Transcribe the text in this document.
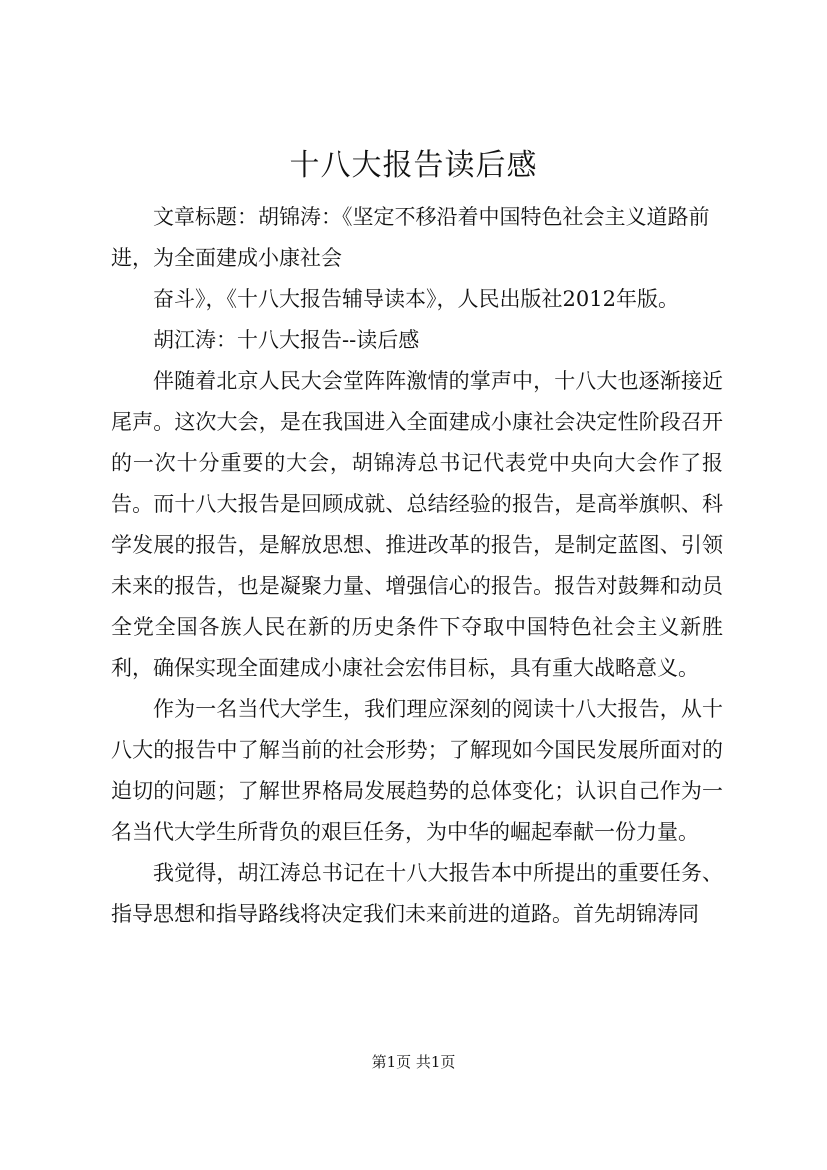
十八大报告读后感

文章标题：胡锦涛：《坚定不移沿着中国特色社会主义道路前进，为全面建成小康社会

奋斗》，《十八大报告辅导读本》，人民出版社2012年版。

胡江涛：十八大报告--读后感

伴随着北京人民大会堂阵阵激情的掌声中，十八大也逐渐接近尾声。这次大会，是在我国进入全面建成小康社会决定性阶段召开的一次十分重要的大会，胡锦涛总书记代表党中央向大会作了报告。而十八大报告是回顾成就、总结经验的报告，是高举旗帜、科学发展的报告，是解放思想、推进改革的报告，是制定蓝图、引领未来的报告，也是凝聚力量、增强信心的报告。报告对鼓舞和动员全党全国各族人民在新的历史条件下夺取中国特色社会主义新胜利，确保实现全面建成小康社会宏伟目标，具有重大战略意义。

作为一名当代大学生，我们理应深刻的阅读十八大报告，从十八大的报告中了解当前的社会形势；了解现如今国民发展所面对的迫切的问题；了解世界格局发展趋势的总体变化；认识自己作为一名当代大学生所背负的艰巨任务，为中华的崛起奉献一份力量。

我觉得，胡江涛总书记在十八大报告本中所提出的重要任务、指导思想和指导路线将决定我们未来前进的道路。首先胡锦涛同

第1页 共1页
